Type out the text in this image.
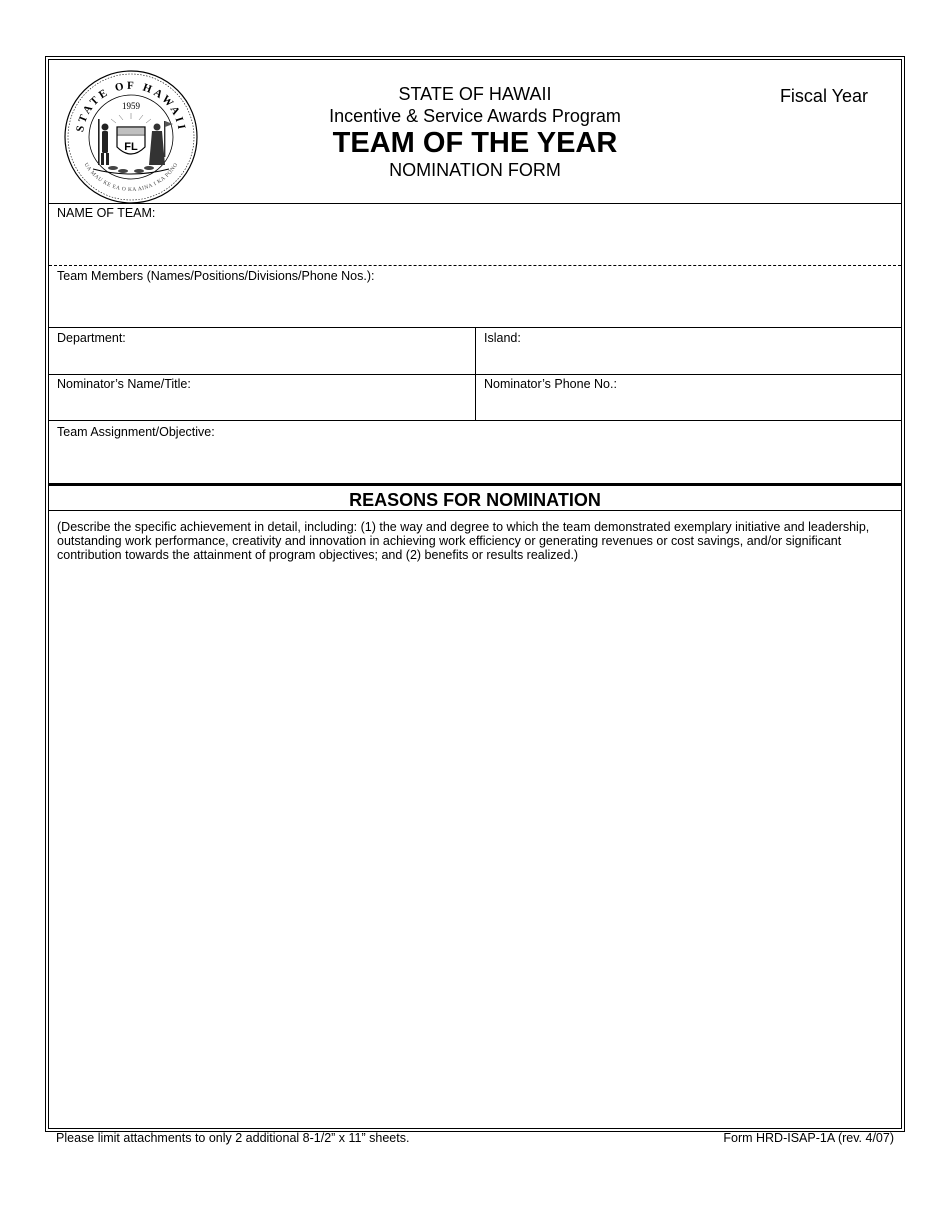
STATE OF HAWAII
UA MAU KE EA O KA AINA I KA PONO
1959
FL
STATE OF HAWAII
Incentive & Service Awards Program
TEAM OF THE YEAR
NOMINATION FORM
Fiscal Year
NAME OF TEAM:
Team Members (Names/Positions/Divisions/Phone Nos.):
Department:	Island:
Nominator’s Name/Title:	Nominator’s Phone No.:
Team Assignment/Objective:
REASONS FOR NOMINATION
(Describe the specific achievement in detail, including: (1) the way and degree to which the team demonstrated exemplary initiative and leadership, outstanding work performance, creativity and innovation in achieving work efficiency or generating revenues or cost savings, and/or significant contribution towards the attainment of program objectives; and (2) benefits or results realized.)
Please limit attachments to only 2 additional 8-1/2” x 11” sheets.	Form HRD-ISAP-1A (rev. 4/07)
